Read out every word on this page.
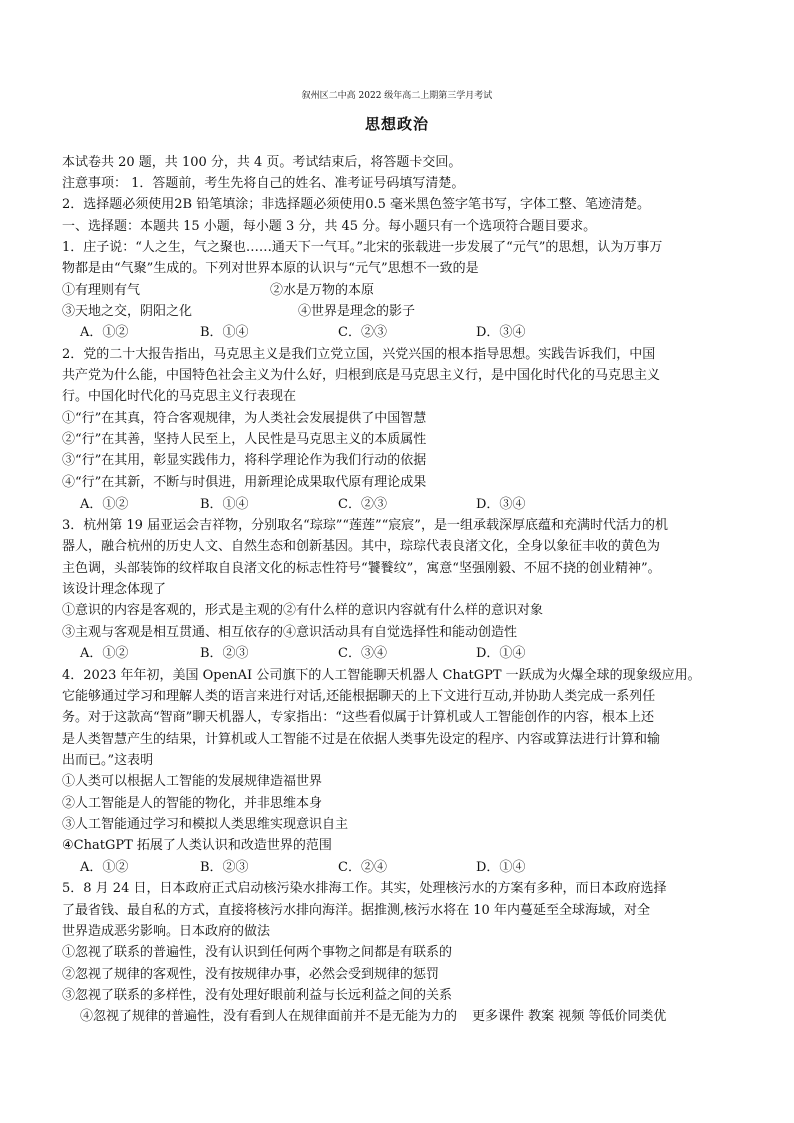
叙州区二中高 2022 级年高二上期第三学月考试
思想政治
本试卷共 20 题，共 100 分，共 4 页。考试结束后，将答题卡交回。
注意事项： 1．答题前，考生先将自己的姓名、准考证号码填写清楚。
2．选择题必须使用2B 铅笔填涂；非选择题必须使用0.5 毫米黑色签字笔书写，字体工整、笔迹清楚。
一、选择题：本题共 15 小题，每小题 3 分，共 45 分。每小题只有一个选项符合题目要求。
1．庄子说：“人之生，气之聚也……通天下一气耳。”北宋的张载进一步发展了“元气”的思想，认为万事万
物都是由“气聚”生成的。下列对世界本原的认识与“元气”思想不一致的是
①有理则有气	②水是万物的本原
③天地之交，阴阳之化	④世界是理念的影子
A．①②	B．①④	C．②③	D．③④
2．党的二十大报告指出，马克思主义是我们立党立国，兴党兴国的根本指导思想。实践告诉我们，中国
共产党为什么能，中国特色社会主义为什么好，归根到底是马克思主义行，是中国化时代化的马克思主义
行。中国化时代化的马克思主义行表现在
①“行”在其真，符合客观规律，为人类社会发展提供了中国智慧
②“行”在其善，坚持人民至上，人民性是马克思主义的本质属性
③“行”在其用，彰显实践伟力，将科学理论作为我们行动的依据
④“行”在其新，不断与时俱进，用新理论成果取代原有理论成果
A．①②	B．①④	C．②③	D．③④
3．杭州第 19 届亚运会吉祥物，分别取名“琮琮”“莲莲”“宸宸”，是一组承载深厚底蕴和充满时代活力的机
器人，融合杭州的历史人文、自然生态和创新基因。其中，琮琮代表良渚文化，全身以象征丰收的黄色为
主色调，头部装饰的纹样取自良渚文化的标志性符号“饕餮纹”，寓意“坚强刚毅、不屈不挠的创业精神”。
该设计理念体现了
①意识的内容是客观的，形式是主观的②有什么样的意识内容就有什么样的意识对象
③主观与客观是相互贯通、相互依存的④意识活动具有自觉选择性和能动创造性
A．①②	B．②③	C．③④	D．①④
4．2023 年年初，美国 OpenAI 公司旗下的人工智能聊天机器人 ChatGPT 一跃成为火爆全球的现象级应用。
它能够通过学习和理解人类的语言来进行对话,还能根据聊天的上下文进行互动,并协助人类完成一系列任
务。对于这款高“智商”聊天机器人，专家指出：“这些看似属于计算机或人工智能创作的内容，根本上还
是人类智慧产生的结果，计算机或人工智能不过是在依据人类事先设定的程序、内容或算法进行计算和输
出而已。”这表明
①人类可以根据人工智能的发展规律造福世界
②人工智能是人的智能的物化，并非思维本身
③人工智能通过学习和模拟人类思维实现意识自主
④ChatGPT 拓展了人类认识和改造世界的范围
A．①②	B．②③	C．②④	D．①④
5．8 月 24 日，日本政府正式启动核污染水排海工作。其实，处理核污水的方案有多种，而日本政府选择
了最省钱、最自私的方式，直接将核污水排向海洋。据推测,核污水将在 10 年内蔓延至全球海域，对全
世界造成恶劣影响。日本政府的做法
①忽视了联系的普遍性，没有认识到任何两个事物之间都是有联系的
②忽视了规律的客观性，没有按规律办事，必然会受到规律的惩罚
③忽视了联系的多样性，没有处理好眼前利益与长远利益之间的关系
④忽视了规律的普遍性，没有看到人在规律面前并不是无能为力的 更多课件 教案 视频 等低价同类优
